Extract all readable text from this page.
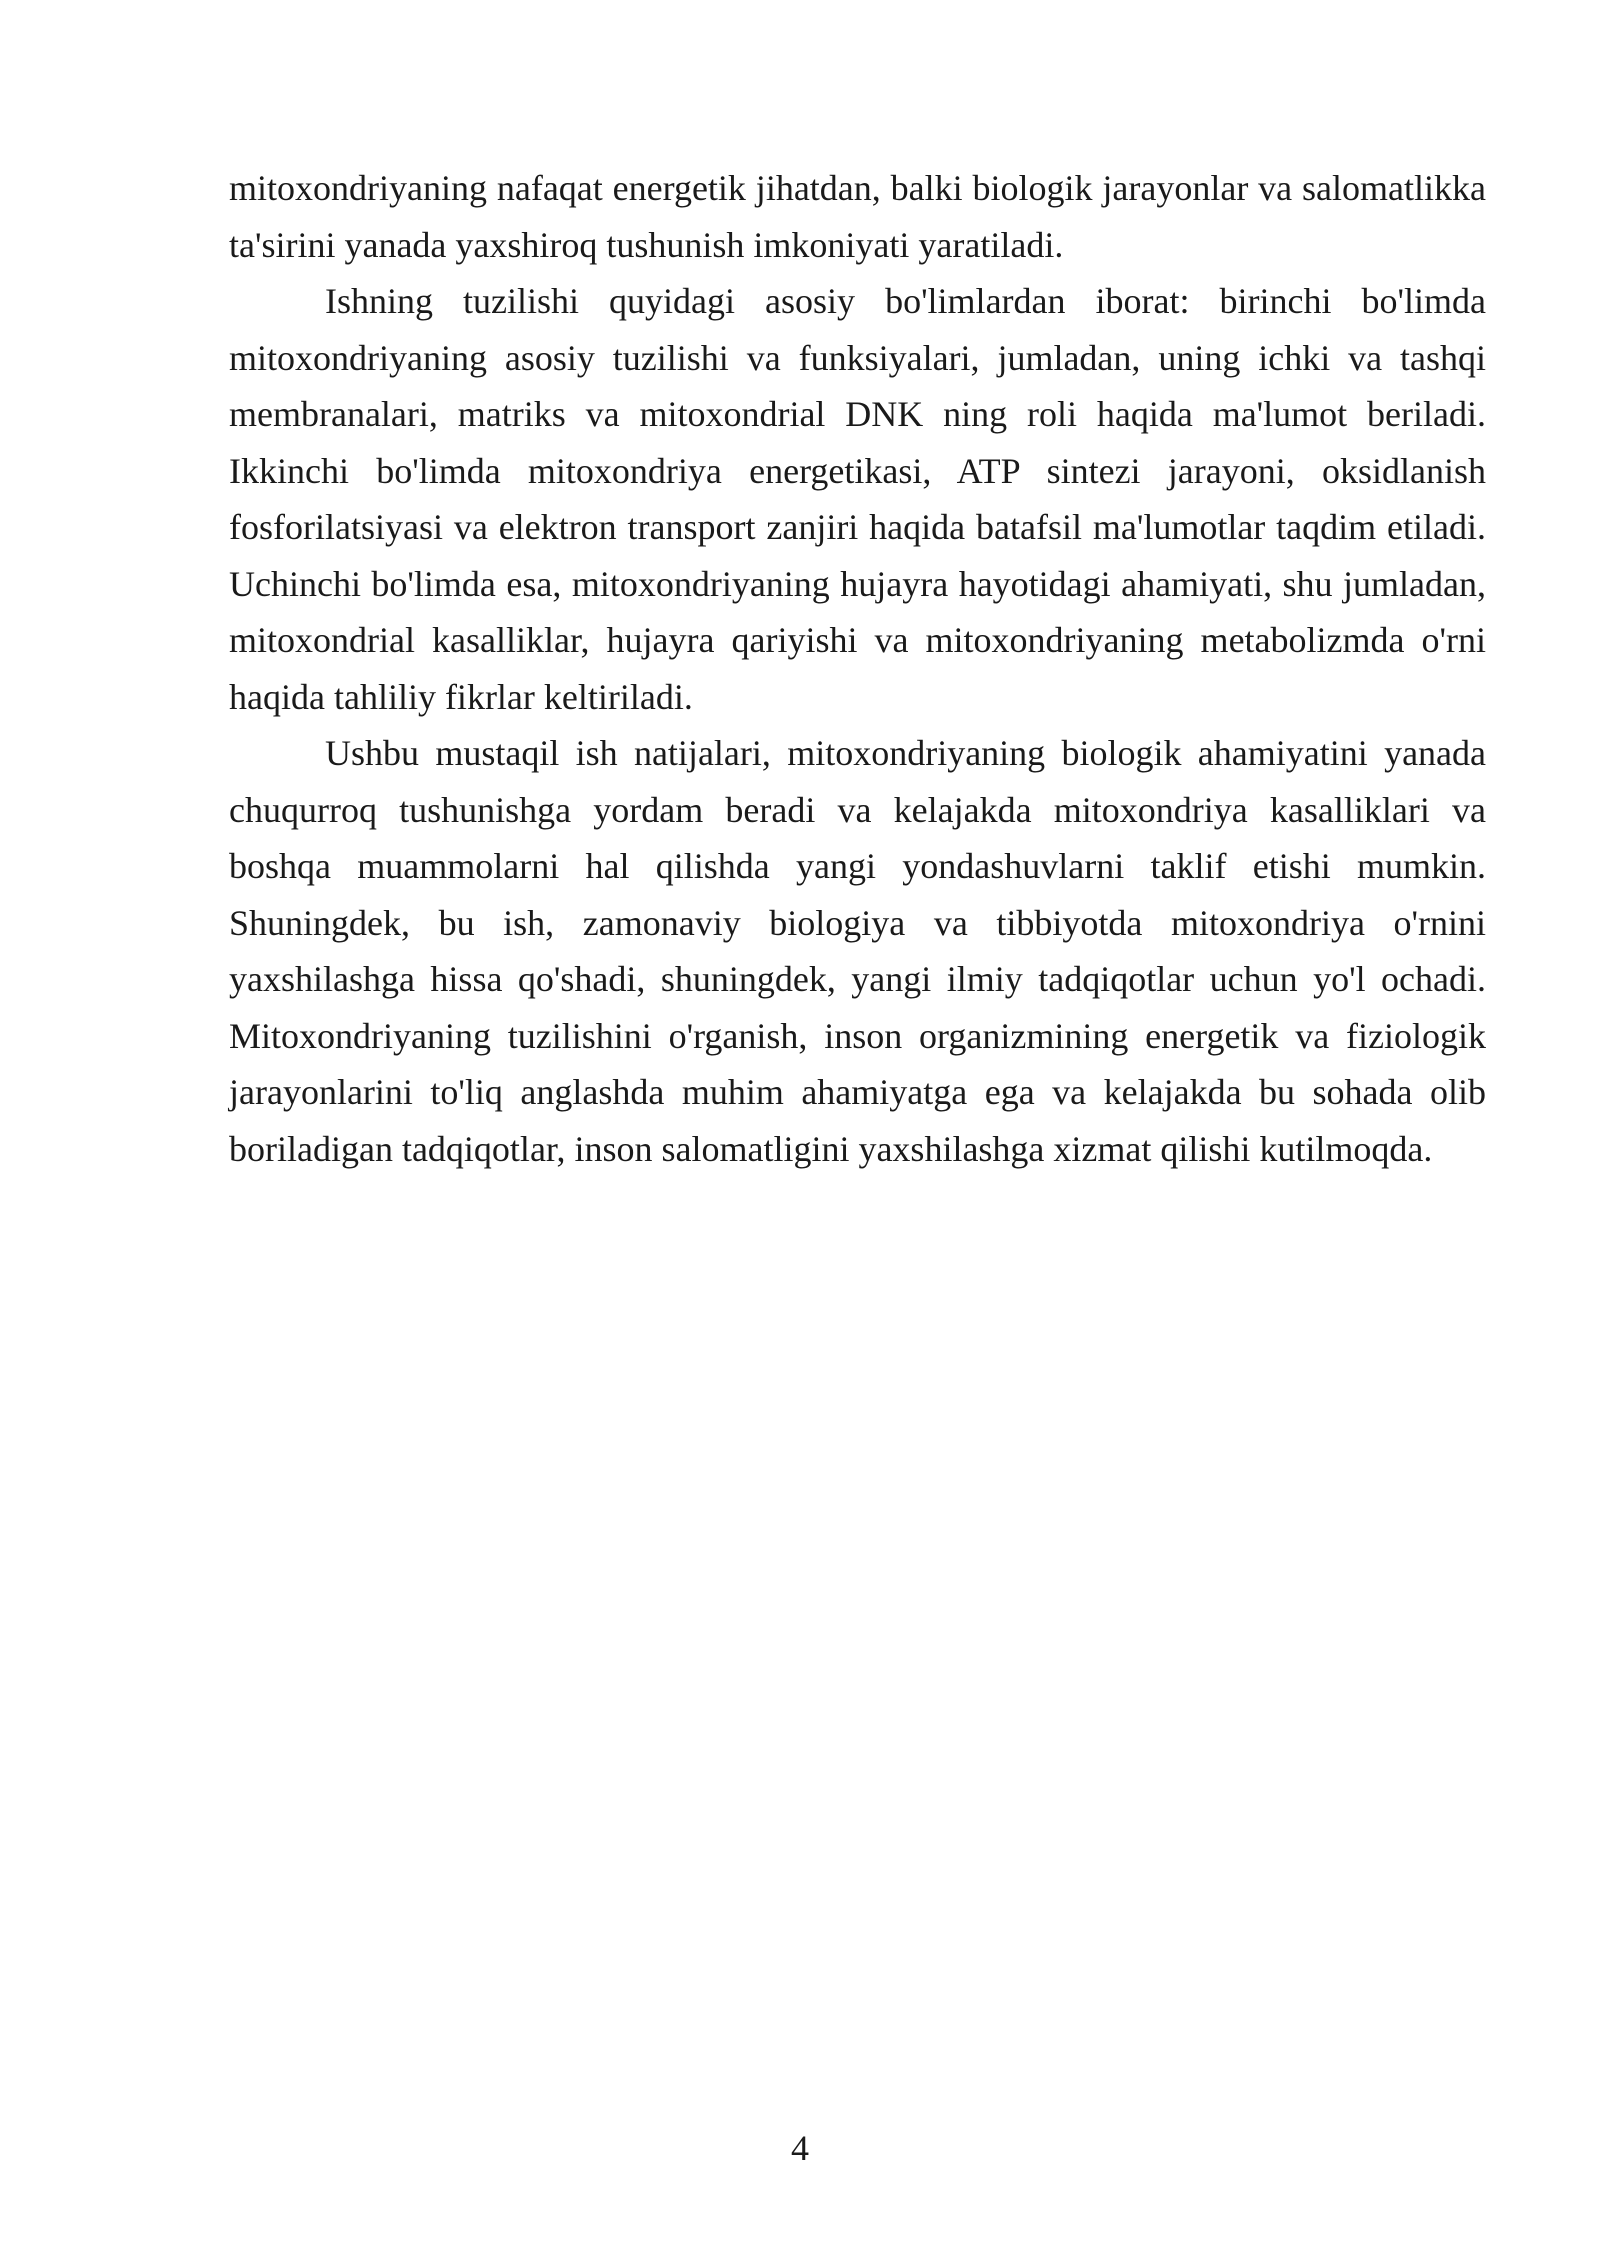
mitoxondriyaning nafaqat energetik jihatdan, balki biologik jarayonlar va salomatlikka ta'sirini yanada yaxshiroq tushunish imkoniyati yaratiladi.

Ishning tuzilishi quyidagi asosiy bo'limlardan iborat: birinchi bo'limda mitoxondriyaning asosiy tuzilishi va funksiyalari, jumladan, uning ichki va tashqi membranalari, matriks va mitoxondrial DNK ning roli haqida ma'lumot beriladi. Ikkinchi bo'limda mitoxondriya energetikasi, ATP sintezi jarayoni, oksidlanish fosforilatsiyasi va elektron transport zanjiri haqida batafsil ma'lumotlar taqdim etiladi. Uchinchi bo'limda esa, mitoxondriyaning hujayra hayotidagi ahamiyati, shu jumladan, mitoxondrial kasalliklar, hujayra qariyishi va mitoxondriyaning metabolizmda o'rni haqida tahliliy fikrlar keltiriladi.

Ushbu mustaqil ish natijalari, mitoxondriyaning biologik ahamiyatini yanada chuqurroq tushunishga yordam beradi va kelajakda mitoxondriya kasalliklari va boshqa muammolarni hal qilishda yangi yondashuvlarni taklif etishi mumkin. Shuningdek, bu ish, zamonaviy biologiya va tibbiyotda mitoxondriya o'rnini yaxshilashga hissa qo'shadi, shuningdek, yangi ilmiy tadqiqotlar uchun yo'l ochadi. Mitoxondriyaning tuzilishini o'rganish, inson organizmining energetik va fiziologik jarayonlarini to'liq anglashda muhim ahamiyatga ega va kelajakda bu sohada olib boriladigan tadqiqotlar, inson salomatligini yaxshilashga xizmat qilishi kutilmoqda.

4
